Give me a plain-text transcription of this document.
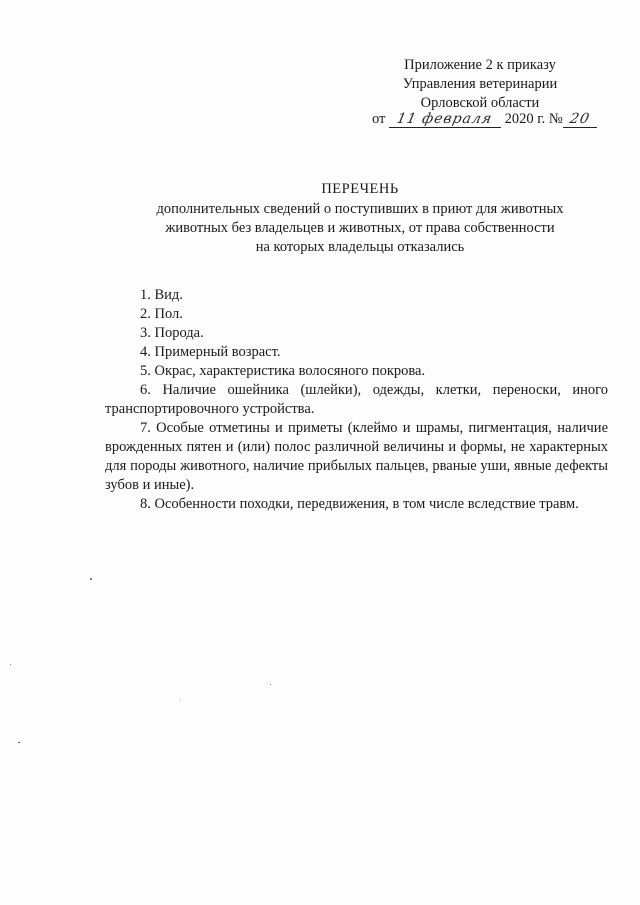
Приложение 2 к приказу
Управления ветеринарии
Орловской области
от 11 февраля 2020 г. № 20
ПЕРЕЧЕНЬ
дополнительных сведений о поступивших в приют для животных
животных без владельцев и животных, от права собственности
на которых владельцы отказались

1. Вид.

2. Пол.

3. Порода.

4. Примерный возраст.

5. Окрас, характеристика волосяного покрова.

6. Наличие ошейника (шлейки), одежды, клетки, переноски, иного транспортировочного устройства.

7. Особые отметины и приметы (клеймо и шрамы, пигментация, наличие врожденных пятен и (или) полос различной величины и формы, не характерных для породы животного, наличие прибылых пальцев, рваные уши, явные дефекты зубов и иные).

8. Особенности походки, передвижения, в том числе вследствие травм.
